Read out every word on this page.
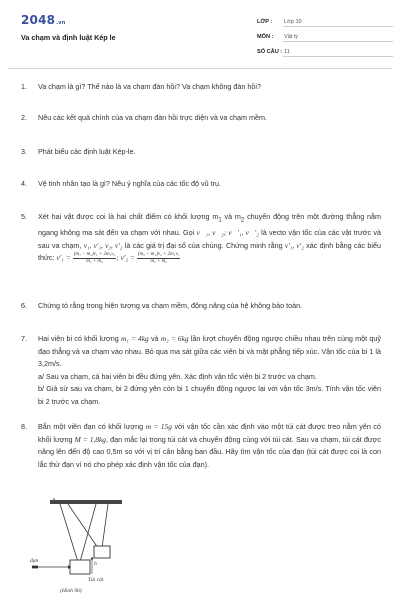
2048.vn
Va chạm và định luật Kép le
LỚP :	Lớp 10
MÔN :	Vật lý
SỐ CÂU : 11
1. Va chạm là gì? Thế nào là va chạm đàn hồi? Va chạm không đàn hồi?
2. Nêu các kết quả chính của va chạm đàn hồi trực diện và va chạm mềm.
3. Phát biểu các định luật Kép-le.
4. Vệ tinh nhân tạo là gì? Nêu ý nghĩa của các tốc độ vũ trụ.
5. Xét hai vật được coi là hai chất điểm có khối lượng $m_1$ và $m_2$ chuyển động trên một đường thẳng nằm ngang không ma sát đến va chạm với nhau. Gọi v⃗₁, v⃗₂; v⃗′₁, v⃗′₂ là vecto vận tốc của các vật trước và sau va chạm, v₁, v′₁, v₂, v′₂ là các giá trị đại số của chúng. Chứng minh rằng v′₁, v′₂ xác định bằng các biểu thức: $v'_1 = \frac{\text{(m₁ − m₂)v₁ + 2m₂v₂}}{\text{m₁ + m₂}}$ ; $v'_2 = \frac{\text{(m₂ − m₁)v₂ + 2m₁v₁}}{\text{m₁ + m₂}}$
6. Chứng tỏ rằng trong hiện tượng va chạm mềm, động năng của hệ không bảo toàn.
7. Hai viên bi có khối lượng m₁ = 4kg và m₂ = 6kg lần lượt chuyển động ngược chiều nhau trên cùng một quỹ đạo thẳng và va chạm vào nhau. Bỏ qua ma sát giữa các viên bi và mặt phẳng tiếp xúc. Vận tốc của bi 1 là 3,2m/s.
a/ Sau va chạm, cả hai viên bi đều đứng yên. Xác định vận tốc viên bi 2 trước va chạm.
b/ Giả sử sau va chạm, bi 2 đứng yên còn bi 1 chuyển động ngược lại với vận tốc 3m/s. Tính vận tốc viên bi 2 trước va chạm.
8. Bắn một viên đạn có khối lượng m = 15g với vận tốc cần xác định vào một túi cát được treo nằm yên có khối lượng M = 1,8kg, đạn mắc lại trong túi cát và chuyển động cùng với túi cát. Sau va chạm, túi cát được nâng lên đến độ cao 0,5m so với vị trí cân bằng ban đầu. Hãy tìm vận tốc của đạn (túi cát được coi là con lắc thử đạn vì nó cho phép xác định vận tốc của đạn).
đạn	h
Túi cát
(Hình 96)
